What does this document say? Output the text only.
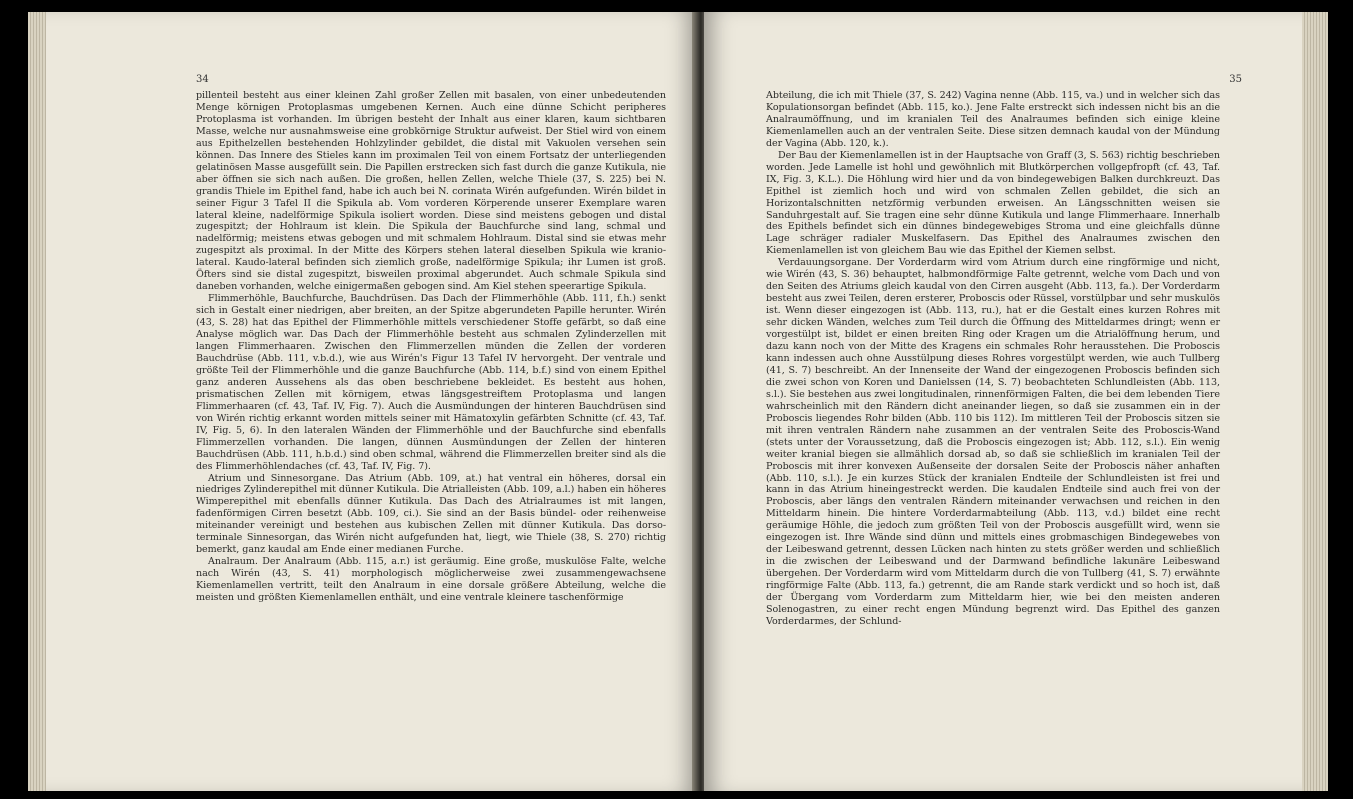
34

pillenteil besteht aus einer kleinen Zahl großer Zellen mit basalen, von einer unbedeutenden Menge körnigen Protoplasmas umgebenen Kernen. Auch eine dünne Schicht peripheres Protoplasma ist vorhanden. Im übrigen besteht der Inhalt aus einer klaren, kaum sichtbaren Masse, welche nur ausnahmsweise eine grobkörnige Struktur aufweist. Der Stiel wird von einem aus Epithelzellen bestehenden Hohlzylinder gebildet, die distal mit Vakuolen versehen sein können. Das Innere des Stieles kann im proximalen Teil von einem Fortsatz der unterliegenden gelatinösen Masse ausgefüllt sein. Die Papillen erstrecken sich fast durch die ganze Kutikula, nie aber öffnen sie sich nach außen. Die großen, hellen Zellen, welche Thiele (37, S. 225) bei N. grandis Thiele im Epithel fand, habe ich auch bei N. corinata Wirén aufgefunden. Wirén bildet in seiner Figur 3 Tafel II die Spikula ab. Vom vorderen Körperende unserer Exemplare waren lateral kleine, nadelförmige Spikula isoliert worden. Diese sind meistens gebogen und distal zugespitzt; der Hohlraum ist klein. Die Spikula der Bauchfurche sind lang, schmal und nadelförmig; meistens etwas gebogen und mit schmalem Hohlraum. Distal sind sie etwas mehr zugespitzt als proximal. In der Mitte des Körpers stehen lateral dieselben Spikula wie kranio-lateral. Kaudo-lateral befinden sich ziemlich große, nadelförmige Spikula; ihr Lumen ist groß. Öfters sind sie distal zugespitzt, bisweilen proximal abgerundet. Auch schmale Spikula sind daneben vorhanden, welche einigermaßen gebogen sind. Am Kiel stehen speerartige Spikula.

Flimmerhöhle, Bauchfurche, Bauchdrüsen. Das Dach der Flimmerhöhle (Abb. 111, f.h.) senkt sich in Gestalt einer niedrigen, aber breiten, an der Spitze abgerundeten Papille herunter. Wirén (43, S. 28) hat das Epithel der Flimmerhöhle mittels verschiedener Stoffe gefärbt, so daß eine Analyse möglich war. Das Dach der Flimmerhöhle besteht aus schmalen Zylinderzellen mit langen Flimmerhaaren. Zwischen den Flimmerzellen münden die Zellen der vorderen Bauchdrüse (Abb. 111, v.b.d.), wie aus Wirén's Figur 13 Tafel IV hervorgeht. Der ventrale und größte Teil der Flimmerhöhle und die ganze Bauchfurche (Abb. 114, b.f.) sind von einem Epithel ganz anderen Aussehens als das oben beschriebene bekleidet. Es besteht aus hohen, prismatischen Zellen mit körnigem, etwas längsgestreiftem Protoplasma und langen Flimmerhaaren (cf. 43, Taf. IV, Fig. 7). Auch die Ausmündungen der hinteren Bauchdrüsen sind von Wirén richtig erkannt worden mittels seiner mit Hämatoxylin gefärbten Schnitte (cf. 43, Taf. IV, Fig. 5, 6). In den lateralen Wänden der Flimmerhöhle und der Bauchfurche sind ebenfalls Flimmerzellen vorhanden. Die langen, dünnen Ausmündungen der Zellen der hinteren Bauchdrüsen (Abb. 111, h.b.d.) sind oben schmal, während die Flimmerzellen breiter sind als die des Flimmerhöhlendaches (cf. 43, Taf. IV, Fig. 7).

Atrium und Sinnesorgane. Das Atrium (Abb. 109, at.) hat ventral ein höheres, dorsal ein niedriges Zylinderepithel mit dünner Kutikula. Die Atrialleisten (Abb. 109, a.l.) haben ein höheres Wimperepithel mit ebenfalls dünner Kutikula. Das Dach des Atrialraumes ist mit langen, fadenförmigen Cirren besetzt (Abb. 109, ci.). Sie sind an der Basis bündel- oder reihenweise miteinander vereinigt und bestehen aus kubischen Zellen mit dünner Kutikula. Das dorso-terminale Sinnesorgan, das Wirén nicht aufgefunden hat, liegt, wie Thiele (38, S. 270) richtig bemerkt, ganz kaudal am Ende einer medianen Furche.

Analraum. Der Analraum (Abb. 115, a.r.) ist geräumig. Eine große, muskulöse Falte, welche nach Wirén (43, S. 41) morphologisch möglicherweise zwei zusammengewachsene Kiemenlamellen vertritt, teilt den Analraum in eine dorsale größere Abteilung, welche die meisten und größten Kiemenlamellen enthält, und eine ventrale kleinere taschenförmige

35

Abteilung, die ich mit Thiele (37, S. 242) Vagina nenne (Abb. 115, va.) und in welcher sich das Kopulationsorgan befindet (Abb. 115, ko.). Jene Falte erstreckt sich indessen nicht bis an die Analraumöffnung, und im kranialen Teil des Analraumes befinden sich einige kleine Kiemenlamellen auch an der ventralen Seite. Diese sitzen demnach kaudal von der Mündung der Vagina (Abb. 120, k.).

Der Bau der Kiemenlamellen ist in der Hauptsache von Graff (3, S. 563) richtig beschrieben worden. Jede Lamelle ist hohl und gewöhnlich mit Blutkörperchen vollgepfropft (cf. 43, Taf. IX, Fig. 3, K.L.). Die Höhlung wird hier und da von bindegewebigen Balken durchkreuzt. Das Epithel ist ziemlich hoch und wird von schmalen Zellen gebildet, die sich an Horizontalschnitten netzförmig verbunden erweisen. An Längsschnitten weisen sie Sanduhrgestalt auf. Sie tragen eine sehr dünne Kutikula und lange Flimmerhaare. Innerhalb des Epithels befindet sich ein dünnes bindegewebiges Stroma und eine gleichfalls dünne Lage schräger radialer Muskelfasern. Das Epithel des Analraumes zwischen den Kiemenlamellen ist von gleichem Bau wie das Epithel der Kiemen selbst.

Verdauungsorgane. Der Vorderdarm wird vom Atrium durch eine ringförmige und nicht, wie Wirén (43, S. 36) behauptet, halbmondförmige Falte getrennt, welche vom Dach und von den Seiten des Atriums gleich kaudal von den Cirren ausgeht (Abb. 113, fa.). Der Vorderdarm besteht aus zwei Teilen, deren ersterer, Proboscis oder Rüssel, vorstülpbar und sehr muskulös ist. Wenn dieser eingezogen ist (Abb. 113, ru.), hat er die Gestalt eines kurzen Rohres mit sehr dicken Wänden, welches zum Teil durch die Öffnung des Mitteldarmes dringt; wenn er vorgestülpt ist, bildet er einen breiten Ring oder Kragen um die Atrialöffnung herum, und dazu kann noch von der Mitte des Kragens ein schmales Rohr herausstehen. Die Proboscis kann indessen auch ohne Ausstülpung dieses Rohres vorgestülpt werden, wie auch Tullberg (41, S. 7) beschreibt. An der Innenseite der Wand der eingezogenen Proboscis befinden sich die zwei schon von Koren und Danielssen (14, S. 7) beobachteten Schlundleisten (Abb. 113, s.l.). Sie bestehen aus zwei longitudinalen, rinnenförmigen Falten, die bei dem lebenden Tiere wahrscheinlich mit den Rändern dicht aneinander liegen, so daß sie zusammen ein in der Proboscis liegendes Rohr bilden (Abb. 110 bis 112). Im mittleren Teil der Proboscis sitzen sie mit ihren ventralen Rändern nahe zusammen an der ventralen Seite des Proboscis-Wand (stets unter der Voraussetzung, daß die Proboscis eingezogen ist; Abb. 112, s.l.). Ein wenig weiter kranial biegen sie allmählich dorsad ab, so daß sie schließlich im kranialen Teil der Proboscis mit ihrer konvexen Außenseite der dorsalen Seite der Proboscis näher anhaften (Abb. 110, s.l.). Je ein kurzes Stück der kranialen Endteile der Schlundleisten ist frei und kann in das Atrium hineingestreckt werden. Die kaudalen Endteile sind auch frei von der Proboscis, aber längs den ventralen Rändern miteinander verwachsen und reichen in den Mitteldarm hinein. Die hintere Vorderdarmabteilung (Abb. 113, v.d.) bildet eine recht geräumige Höhle, die jedoch zum größten Teil von der Proboscis ausgefüllt wird, wenn sie eingezogen ist. Ihre Wände sind dünn und mittels eines grobmaschigen Bindegewebes von der Leibeswand getrennt, dessen Lücken nach hinten zu stets größer werden und schließlich in die zwischen der Leibeswand und der Darmwand befindliche lakunäre Leibeswand übergehen. Der Vorderdarm wird vom Mitteldarm durch die von Tullberg (41, S. 7) erwähnte ringförmige Falte (Abb. 113, fa.) getrennt, die am Rande stark verdickt und so hoch ist, daß der Übergang vom Vorderdarm zum Mitteldarm hier, wie bei den meisten anderen Solenogastren, zu einer recht engen Mündung begrenzt wird. Das Epithel des ganzen Vorderdarmes, der Schlund-
